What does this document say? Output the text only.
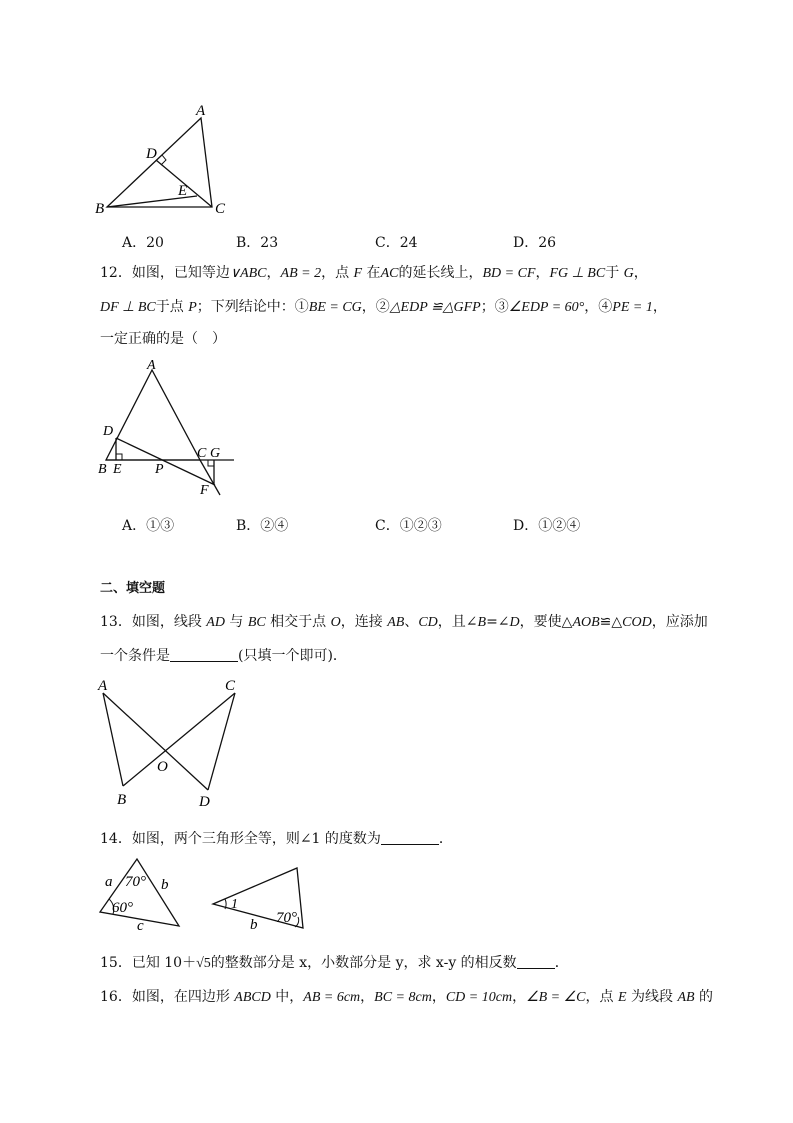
A
D
E
B	C
A．20	B．23	C．24	D．26
12．如图，已知等边∨ABC，AB = 2，点 F 在AC的延长线上，BD = CF，FG ⊥ BC于 G，
DF ⊥ BC于点 P；下列结论中：①BE = CG，②△EDP ≌△GFP；③∠EDP = 60°，④PE = 1，
一定正确的是（　）
A
D
C G
B E P
F
A．①③	B．②④	C．①②③	D．①②④
二、填空题
13．如图，线段 AD 与 BC 相交于点 O，连接 AB、CD，且∠B=∠D，要使△AOB≌△COD，应添加
一个条件是	(只填一个即可)．
A	C
O
B	D
14．如图，两个三角形全等，则∠1 的度数为	．
a 70° b
60°
c
1
b 70°
15．已知 10＋√5的整数部分是 x，小数部分是 y，求 x-y 的相反数	．
16．如图，在四边形 ABCD 中，AB = 6cm，BC = 8cm，CD = 10cm，∠B = ∠C，点 E 为线段 AB 的
